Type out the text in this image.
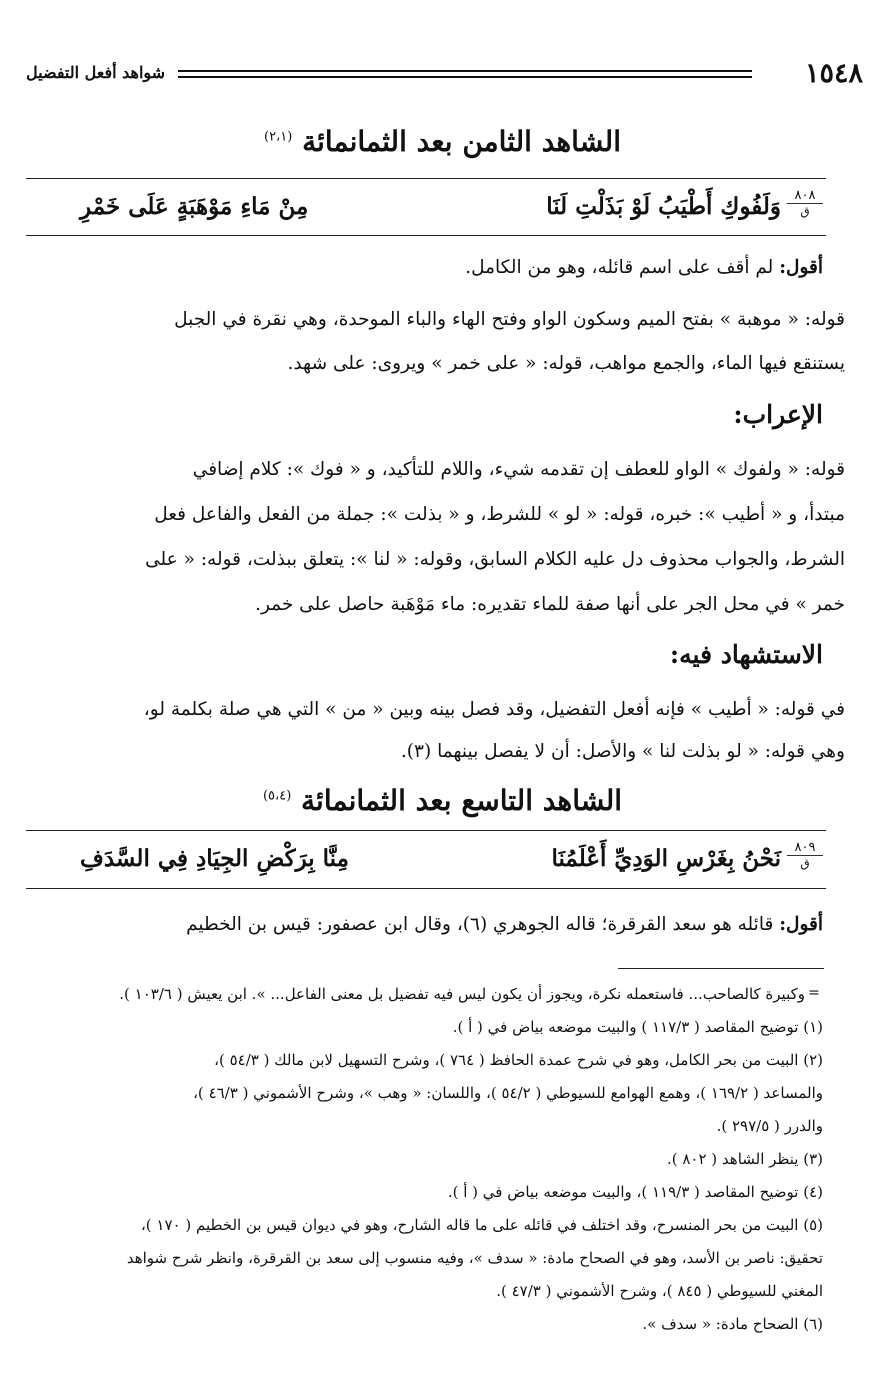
١٥٤٨
شواهد أفعل التفضيل
الشاهد الثامن بعد الثمانمائة $^{(٢،١)}$
٨٠٨
ق
وَلَفُوكِ أَطْيَبُ لَوْ بَذَلْتِ لَنَا
مِنْ مَاءِ مَوْهَبَةٍ عَلَى خَمْرِ
أقول: لم أقف على اسم قائله، وهو من الكامل.
قوله: « موهبة » بفتح الميم وسكون الواو وفتح الهاء والباء الموحدة، وهي نقرة في الجبل
يستنقع فيها الماء، والجمع مواهب، قوله: « على خمر » ويروى: على شهد.
الإعراب:
قوله: « ولفوك » الواو للعطف إن تقدمه شيء، واللام للتأكيد، و « فوك »: كلام إضافي
مبتدأ، و « أطيب »: خبره، قوله: « لو » للشرط، و « بذلت »: جملة من الفعل والفاعل فعل
الشرط، والجواب محذوف دل عليه الكلام السابق، وقوله: « لنا »: يتعلق ببذلت، قوله: « على
خمر » في محل الجر على أنها صفة للماء تقديره: ماء مَوْهَبة حاصل على خمر.
الاستشهاد فيه:
في قوله: « أطيب » فإنه أفعل التفضيل، وقد فصل بينه وبين « من » التي هي صلة بكلمة لو،
وهي قوله: « لو بذلت لنا » والأصل: أن لا يفصل بينهما (٣).
الشاهد التاسع بعد الثمانمائة $^{(٥،٤)}$
٨٠٩
ق
نَحْنُ بِغَرْسِ الوَدِيِّ أَعْلَمُنَا
مِنَّا بِرَكْضِ الجِيَادِ فِي السَّدَفِ
أقول: قائله هو سعد القرقرة؛ قاله الجوهري (٦)، وقال ابن عصفور: قيس بن الخطيم
=
وكبيرة كالصاحب... فاستعمله نكرة، ويجوز أن يكون ليس فيه تفضيل بل معنى الفاعل... ». ابن يعيش ( ١٠٣/٦ ).
(١) توضيح المقاصد ( ١١٧/٣ ) والبيت موضعه بياض في ( أ ).
(٢) البيت من بحر الكامل، وهو في شرح عمدة الحافظ ( ٧٦٤ )، وشرح التسهيل لابن مالك ( ٥٤/٣ )،
والمساعد ( ١٦٩/٢ )، وهمع الهوامع للسيوطي ( ٥٤/٢ )، واللسان: « وهب »، وشرح الأشموني ( ٤٦/٣ )،
والدرر ( ٢٩٧/٥ ).
(٣) ينظر الشاهد ( ٨٠٢ ).
(٤) توضيح المقاصد ( ١١٩/٣ )، والبيت موضعه بياض في ( أ ).
(٥) البيت من بحر المنسرح، وقد اختلف في قائله على ما قاله الشارح، وهو في ديوان قيس بن الخطيم ( ١٧٠ )،
تحقيق: ناصر بن الأسد، وهو في الصحاح مادة: « سدف »، وفيه منسوب إلى سعد بن القرقرة، وانظر شرح شواهد
المغني للسيوطي ( ٨٤٥ )، وشرح الأشموني ( ٤٧/٣ ).
(٦) الصحاح مادة: « سدف ».
